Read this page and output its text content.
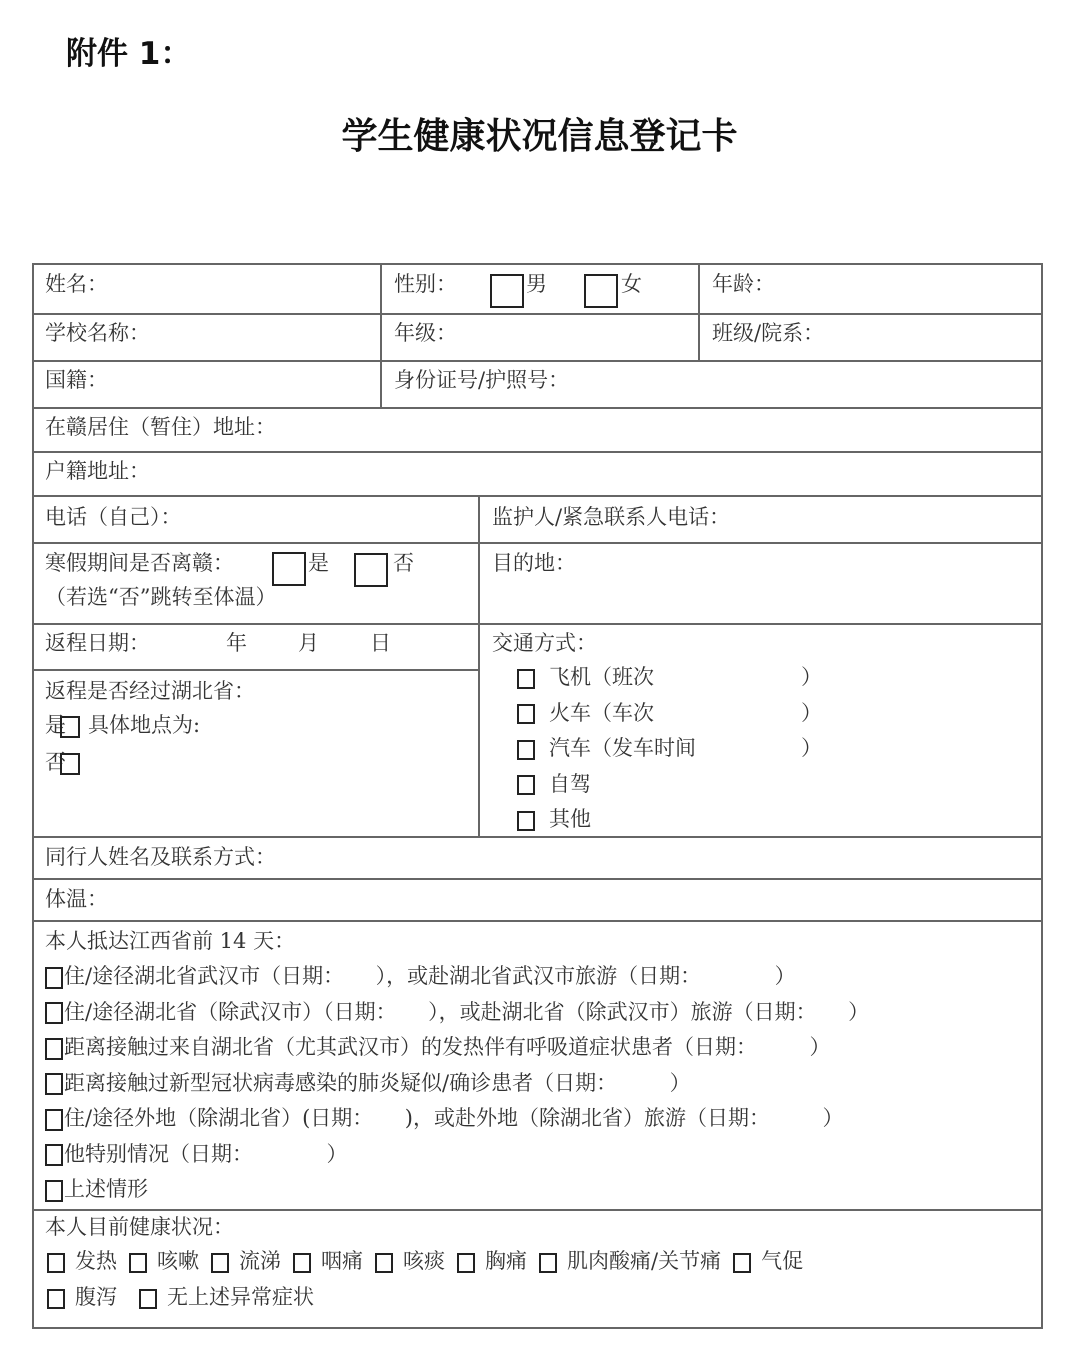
附件 1：
学生健康状况信息登记卡
姓名：	性别：	男	女	年龄：
学校名称：	年级：	班级/院系：
国籍：	身份证号/护照号：
在赣居住（暂住）地址：
户籍地址：
电话（自己）：	监护人/紧急联系人电话：
寒假期间是否离赣：	是	否
（若选“否”跳转至体温）
目的地：
返程日期：	年 月 日
返程是否经过湖北省：
是 具体地点为:
否
交通方式：
飞机（班次	）
火车（车次	）
汽车（发车时间	）
自驾
其他
同行人姓名及联系方式：
体温：
本人抵达江西省前 14 天：
住/途径湖北省武汉市（日期：　　），或赴湖北省武汉市旅游（日期：　　　　）
住/途径湖北省（除武汉市）（日期：　　），或赴湖北省（除武汉市）旅游（日期：　　）
距离接触过来自湖北省（尤其武汉市）的发热伴有呼吸道症状患者（日期：　　　）
距离接触过新型冠状病毒感染的肺炎疑似/确诊患者（日期：　　　）
住/途径外地（除湖北省）(日期：　　)，或赴外地（除湖北省）旅游（日期：　　　）
他特别情况（日期：　　　　）
上述情形
本人目前健康状况：
发热 咳嗽 流涕 咽痛 咳痰 胸痛 肌肉酸痛/关节痛 气促
腹泻 无上述异常症状
